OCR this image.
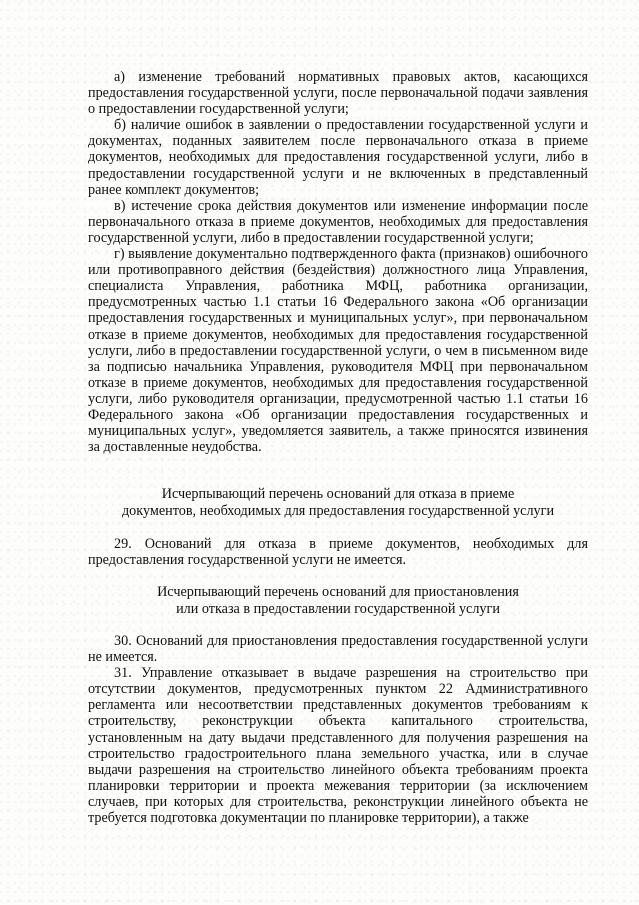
а) изменение требований нормативных правовых актов, касающихся предоставления государственной услуги, после первоначальной подачи заявления о предоставлении государственной услуги;

б) наличие ошибок в заявлении о предоставлении государственной услуги и документах, поданных заявителем после первоначального отказа в приеме документов, необходимых для предоставления государственной услуги, либо в предоставлении государственной услуги и не включенных в представленный ранее комплект документов;

в) истечение срока действия документов или изменение информации после первоначального отказа в приеме документов, необходимых для предоставления государственной услуги, либо в предоставлении государственной услуги;

г) выявление документально подтвержденного факта (признаков) ошибочного или противоправного действия (бездействия) должностного лица Управления, специалиста Управления, работника МФЦ, работника организации, предусмотренных частью 1.1 статьи 16 Федерального закона «Об организации предоставления государственных и муниципальных услуг», при первоначальном отказе в приеме документов, необходимых для предоставления государственной услуги, либо в предоставлении государственной услуги, о чем в письменном виде за подписью начальника Управления, руководителя МФЦ при первоначальном отказе в приеме документов, необходимых для предоставления государственной услуги, либо руководителя организации, предусмотренной частью 1.1 статьи 16 Федерального закона «Об организации предоставления государственных и муниципальных услуг», уведомляется заявитель, а также приносятся извинения за доставленные неудобства.

Исчерпывающий перечень оснований для отказа в приеме
документов, необходимых для предоставления государственной услуги

29. Оснований для отказа в приеме документов, необходимых для предоставления государственной услуги не имеется.

Исчерпывающий перечень оснований для приостановления
или отказа в предоставлении государственной услуги

30. Оснований для приостановления предоставления государственной услуги не имеется.

31. Управление отказывает в выдаче разрешения на строительство при отсутствии документов, предусмотренных пунктом 22 Административного регламента или несоответствии представленных документов требованиям к строительству, реконструкции объекта капитального строительства, установленным на дату выдачи представленного для получения разрешения на строительство градостроительного плана земельного участка, или в случае выдачи разрешения на строительство линейного объекта требованиям проекта планировки территории и проекта межевания территории (за исключением случаев, при которых для строительства, реконструкции линейного объекта не требуется подготовка документации по планировке территории), а также
